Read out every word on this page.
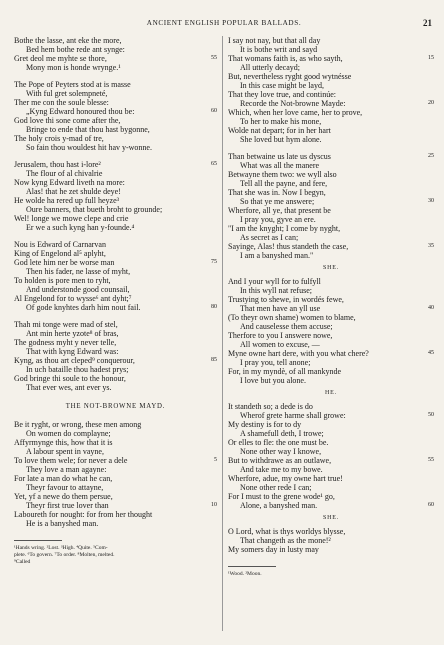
ANCIENT ENGLISH POPULAR BALLADS.	21
Bothe the lasse, ant eke the more,
Bed hem bothe rede ant synge:
Gret deol me myhte se thore,	55
Mony mon is honde wrynge.¹
The Pope of Peyters stod at is masse
With ful gret solempneté,
Ther me con the soule blesse:
„Kyng Edward honoured thou be:	60
God love thi sone come after the,
Bringe to ende that thou hast bygonne,
The holy crois y-mad of tre,
So fain thou wouldest hit hav y-wonne.
Jerusalem, thou hast i-lore²	65
The flour of al chivalrie
Now kyng Edward liveth na more:
Alas! that he zet shulde deye!
He wolde ha rered up full heyze³
Oure banners, that bueth broht to grounde;
Wel! longe we mowe clepe and crie
Er we a such kyng han y-founde.⁴
Nou is Edward of Carnarvan
King of Engelond al⁵ aplyht,
God lete him ner be worse man	75
Then his fader, ne lasse of myht,
To holden is pore men to ryht,
And understonde good counsail,
Al Engelond for to wysse⁶ ant dyht;⁷
Of gode knyhtes darh him nout fail.	80
Thah mi tonge were mad of stel,
Ant min herte yzote⁸ of bras,
The godness myht y never telle,
That with kyng Edward was:
Kyng, as thou art cleped⁹ conquerour,	85
In uch bataille thou hadest prys;
God bringe thi soule to the honour,
That ever wes, ant ever ys.
THE NOT-BROWNE MAYD.
Be it ryght, or wrong, these men among
On women do complayne;
Affyrmynge this, how that it is
A labour spent in vayne,
To love them wele; for never a dele	5
They love a man agayne:
For late a man do what he can,
Theyr favour to attayne,
Yet, yf a newe do them persue,
Theyr first true lover than	10
Laboureth for nought: for from her thought
He is a banyshed man.
¹Hands wring. ²Lost. ³High. ⁴Quite. ⁵Com-
plete. ⁶To govern. ⁷To order. ⁸Molten, melted.
⁹Called
I say not nay, but that all day
It is bothe writ and sayd
That womans faith is, as who sayth,	15
All utterly decayd;
But, nevertheless ryght good wytnésse
In this case might be layd,
That they love true, and continúe:
Recorde the Not-browne Mayde:	20
Which, when her love came, her to prove,
To her to make his mone,
Wolde nat depart; for in her hart
She loved but hym alone.
Than betwaine us late us dyscus	25
What was all the manere
Betwayne them two: we wyll also
Tell all the payne, and fere,
That she was in. Now I begyn,
So that ye me answere;	30
Wherfore, all ye, that present be
I pray you, gyve an ere.
"I am the knyght; I come by nyght,
As secret as I can;
Sayinge, Alas! thus standeth the case,	35
I am a banyshed man."
SHE.
And I your wyll for to fulfyll
In this wyll nat refuse;
Trustying to shewe, in wordés fewe,
That men have an yll use	40
(To theyr own shame) women to blame,
And causelesse them accuse;
Therfore to you I answere nowe,
All women to excuse, —
Myne owne hart dere, with you what chere?	45
I pray you, tell anone;
For, in my myndè, of all mankynde
I love but you alone.
HE.
It standeth so; a dede is do
Wherof grete harme shall growe:	50
My destiny is for to dy
A shamefull deth, I trowe;
Or elles to fle: the one must be.
None other way I knowe,
But to withdrawe as an outlawe,	55
And take me to my bowe.
Wherfore, adue, my owne hart true!
None other rede I can;
For I must to the grene wode¹ go,
Alone, a banyshed man.	60
SHE.
O Lord, what is thys worldys blysse,
That changeth as the mone!²
My somers day in lusty may
¹Wood. ²Moon.
